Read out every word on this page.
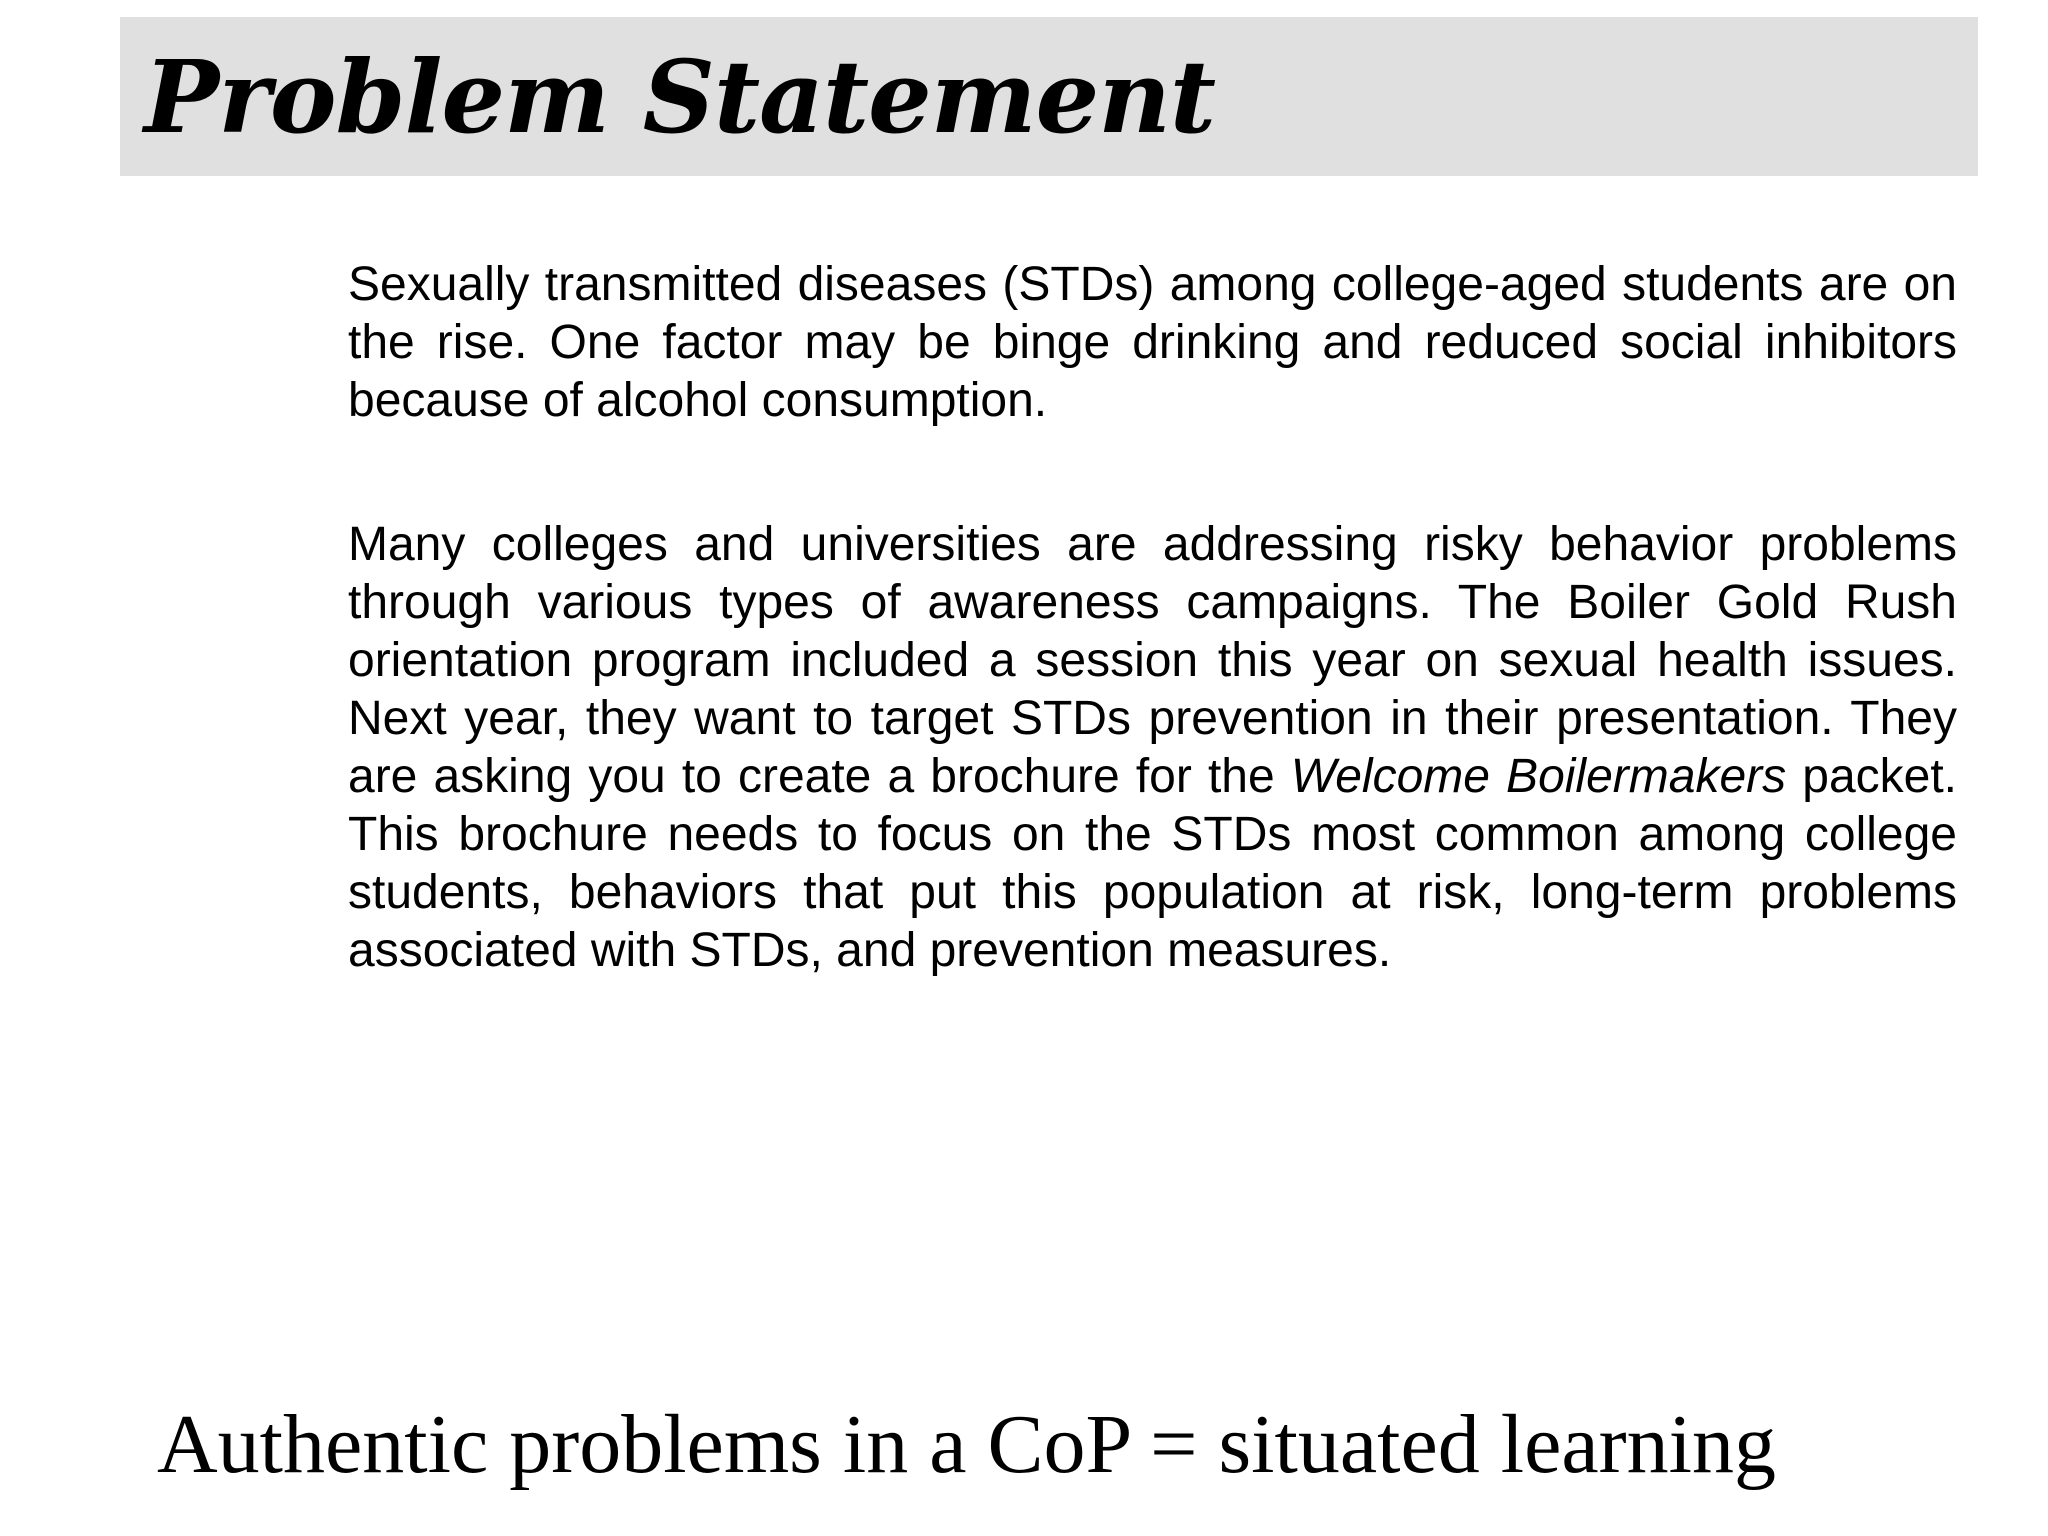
Problem Statement

Sexually transmitted diseases (STDs) among college-aged students are on the rise. One factor may be binge drinking and reduced social inhibitors because of alcohol consumption.

Many colleges and universities are addressing risky behavior problems through various types of awareness campaigns. The Boiler Gold Rush orientation program included a session this year on sexual health issues. Next year, they want to target STDs prevention in their presentation. They are asking you to create a brochure for the Welcome Boilermakers packet. This brochure needs to focus on the STDs most common among college students, behaviors that put this population at risk, long-term problems associated with STDs, and prevention measures.

Authentic problems in a CoP = situated learning
